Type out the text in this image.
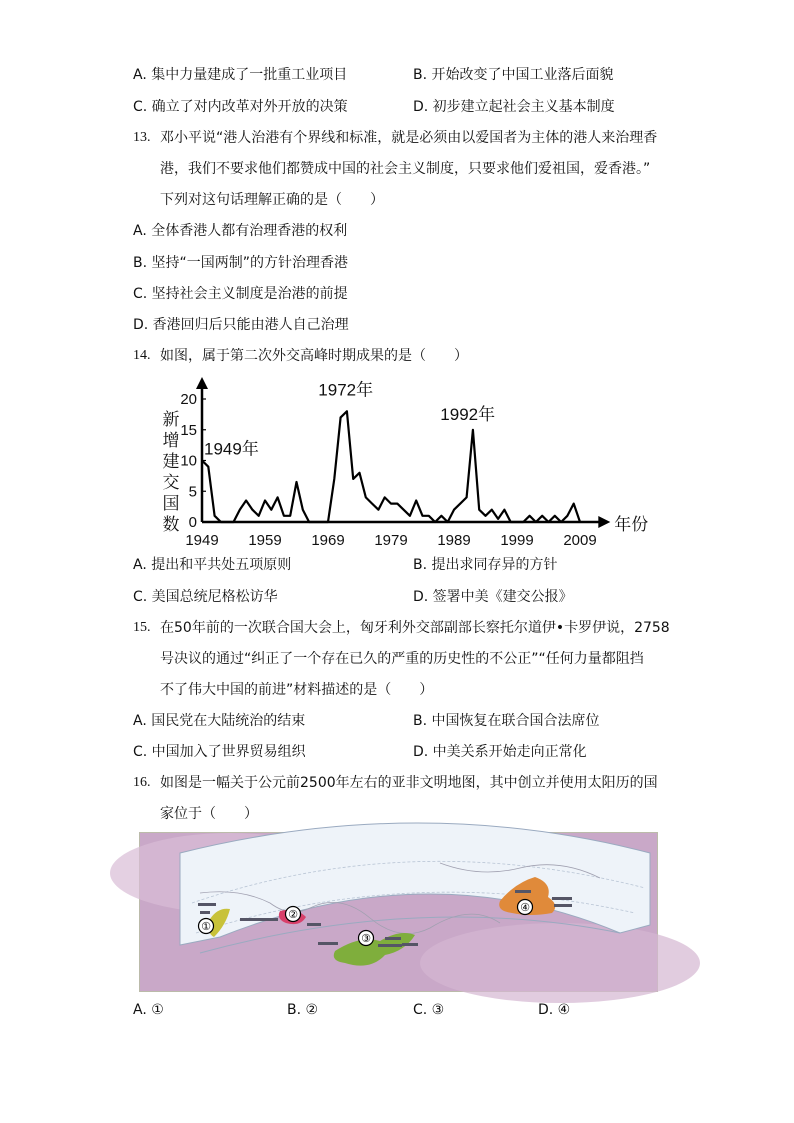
A. 集中力量建成了一批重工业项目	B. 开始改变了中国工业落后面貌
C. 确立了对内改革对外开放的决策	D. 初步建立起社会主义基本制度
13. 邓小平说“港人治港有个界线和标准，就是必须由以爱国者为主体的港人来治理香
港，我们不要求他们都赞成中国的社会主义制度，只要求他们爱祖国，爱香港。”
下列对这句话理解正确的是（　　）
A. 全体香港人都有治理香港的权利
B. 坚持“一国两制”的方针治理香港
C. 坚持社会主义制度是治港的前提
D. 香港回归后只能由港人自己治理
14. 如图，属于第二次外交高峰时期成果的是（　　）
1949 1959 1969 1979 1989 1999 2009
0
5
10
15
20
1949年
1972年
1992年
新
增
建
交
国
数	年份
A. 提出和平共处五项原则	B. 提出求同存异的方针
C. 美国总统尼格松访华	D. 签署中美《建交公报》
15. 在50年前的一次联合国大会上，匈牙利外交部副部长察托尔道伊•卡罗伊说，2758
号决议的通过“纠正了一个存在已久的严重的历史性的不公正”“任何力量都阻挡
不了伟大中国的前进”材料描述的是（　　）
A. 国民党在大陆统治的结束	B. 中国恢复在联合国合法席位
C. 中国加入了世界贸易组织	D. 中美关系开始走向正常化
16. 如图是一幅关于公元前2500年左右的亚非文明地图，其中创立并使用太阳历的国
家位于（　　）
①
②
③
④
A. ①	B. ②	C. ③	D. ④
